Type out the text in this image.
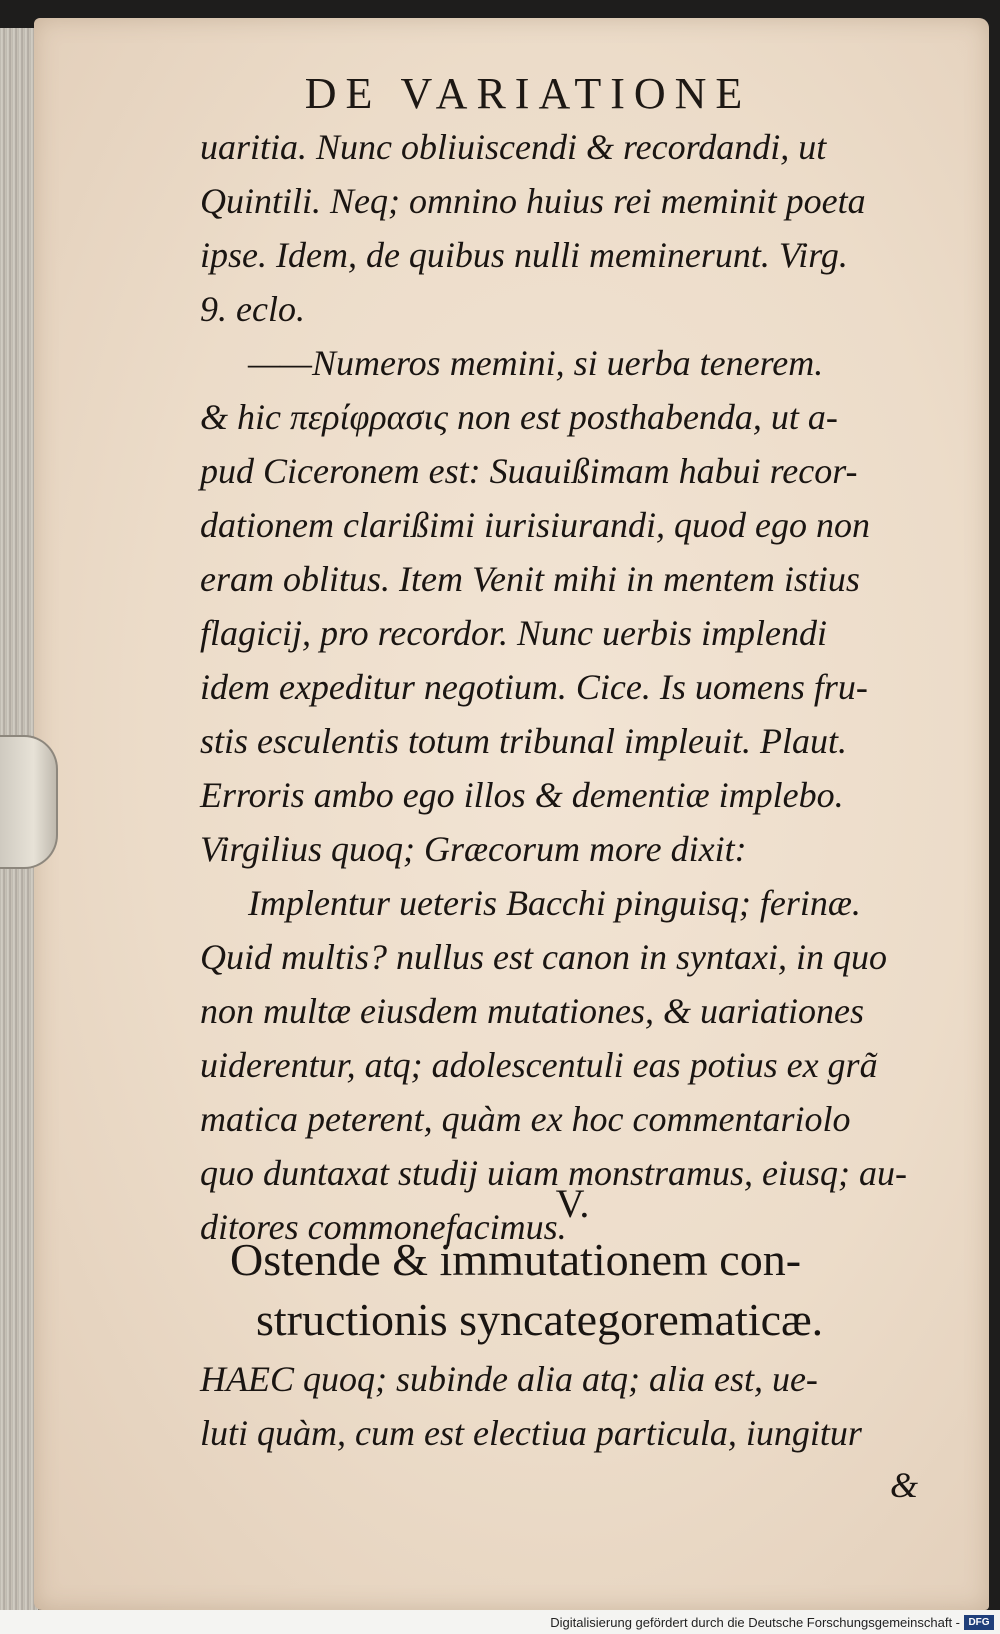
DE VARIATIONE
uaritia. Nunc obliuiscendi & recordandi, ut
Quintili. Neq; omnino huius rei meminit poeta
ipse. Idem, de quibus nulli meminerunt. Virg.
9. eclo.
——Numeros memini, si uerba tenerem.
& hic περίφρασις non est posthabenda, ut a-
pud Ciceronem est: Suauißimam habui recor-
dationem clarißimi iurisiurandi, quod ego non
eram oblitus. Item Venit mihi in mentem istius
flagicij, pro recordor. Nunc uerbis implendi
idem expeditur negotium. Cice. Is uomens fru-
stis esculentis totum tribunal impleuit. Plaut.
Erroris ambo ego illos & dementiæ implebo.
Virgilius quoq; Græcorum more dixit:
Implentur ueteris Bacchi pinguisq; ferinæ.
Quid multis? nullus est canon in syntaxi, in quo
non multæ eiusdem mutationes, & uariationes
uiderentur, atq; adolescentuli eas potius ex grã
matica peterent, quàm ex hoc commentariolo
quo duntaxat studij uiam monstramus, eiusq; au-
ditores commonefacimus.
V.
Ostende & immutationem con-
structionis syncategorematicæ.
HAEC quoq; subinde alia atq; alia est, ue-
luti quàm, cum est electiua particula, iungitur
&
Digitalisierung gefördert durch die Deutsche Forschungsgemeinschaft - DFG
